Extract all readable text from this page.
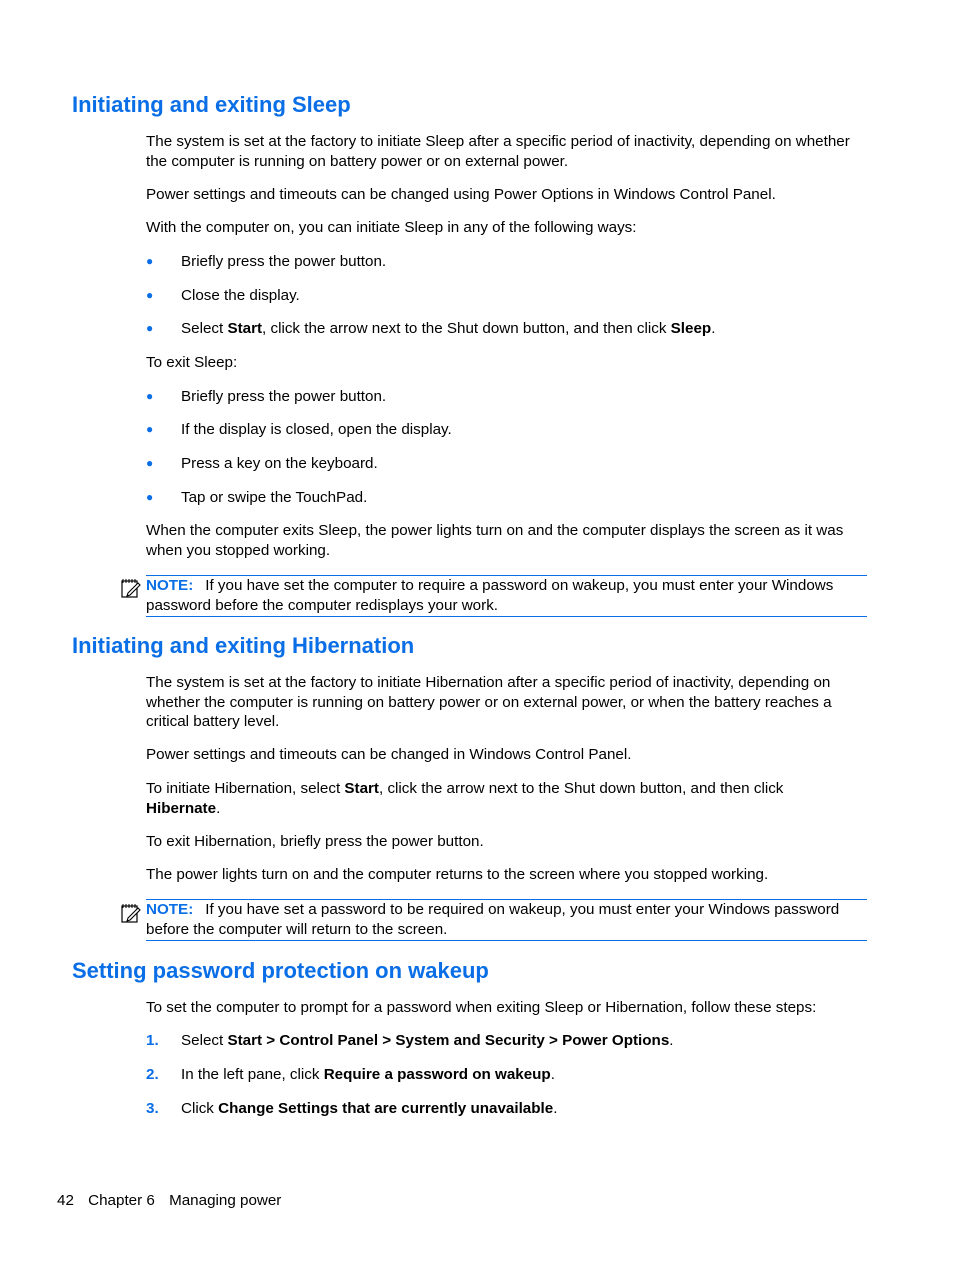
Initiating and exiting Sleep

The system is set at the factory to initiate Sleep after a specific period of inactivity, depending on whether the computer is running on battery power or on external power.

Power settings and timeouts can be changed using Power Options in Windows Control Panel.

With the computer on, you can initiate Sleep in any of the following ways:

● Briefly press the power button.
● Close the display.
● Select Start, click the arrow next to the Shut down button, and then click Sleep.

To exit Sleep:

● Briefly press the power button.
● If the display is closed, open the display.
● Press a key on the keyboard.
● Tap or swipe the TouchPad.

When the computer exits Sleep, the power lights turn on and the computer displays the screen as it was when you stopped working.

NOTE: If you have set the computer to require a password on wakeup, you must enter your Windows password before the computer redisplays your work.
Initiating and exiting Hibernation

The system is set at the factory to initiate Hibernation after a specific period of inactivity, depending on whether the computer is running on battery power or on external power, or when the battery reaches a critical battery level.

Power settings and timeouts can be changed in Windows Control Panel.

To initiate Hibernation, select Start, click the arrow next to the Shut down button, and then click Hibernate.

To exit Hibernation, briefly press the power button.

The power lights turn on and the computer returns to the screen where you stopped working.

NOTE: If you have set a password to be required on wakeup, you must enter your Windows password before the computer will return to the screen.
Setting password protection on wakeup

To set the computer to prompt for a password when exiting Sleep or Hibernation, follow these steps:

1. Select Start > Control Panel > System and Security > Power Options.
2. In the left pane, click Require a password on wakeup.
3. Click Change Settings that are currently unavailable.
42 Chapter 6 Managing power
